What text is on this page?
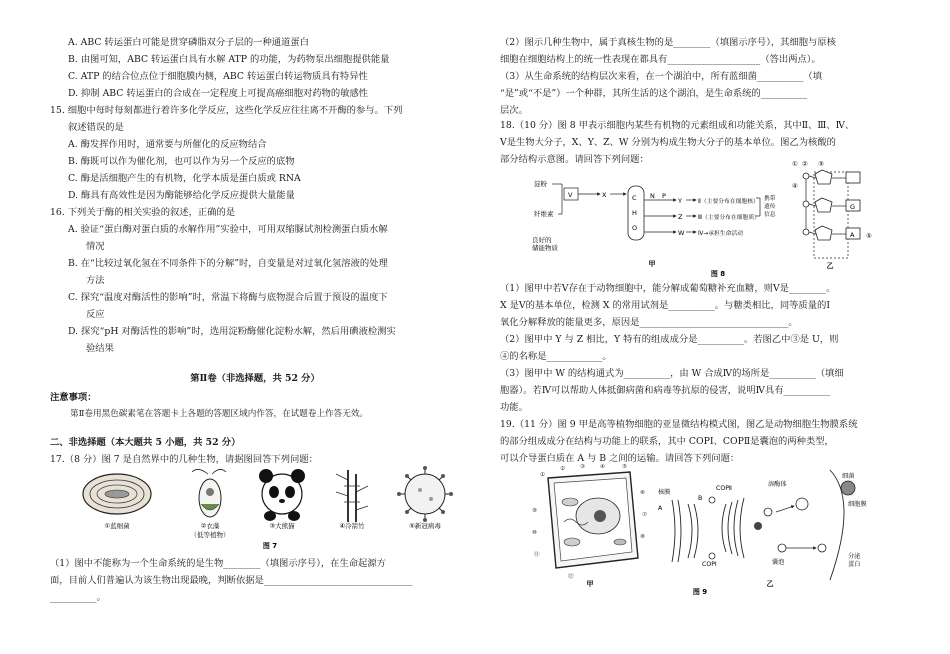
A. ABC 转运蛋白可能是贯穿磷脂双分子层的一种通道蛋白
B. 由图可知，ABC 转运蛋白具有水解 ATP 的功能，为药物泵出细胞提供能量
C. ATP 的结合位点位于细胞膜内侧，ABC 转运蛋白转运物质具有特异性
D. 抑制 ABC 转运蛋白的合成在一定程度上可提高癌细胞对药物的敏感性
15. 细胞中每时每刻都进行着许多化学反应，这些化学反应往往离不开酶的参与。下列
叙述错误的是
A. 酶发挥作用时，通常要与所催化的反应物结合
B. 酶既可以作为催化剂，也可以作为另一个反应的底物
C. 酶是活细胞产生的有机物，化学本质是蛋白质或 RNA
D. 酶具有高效性是因为酶能够给化学反应提供大量能量
16. 下列关于酶的相关实验的叙述，正确的是
A. 验证“蛋白酶对蛋白质的水解作用”实验中，可用双缩脲试剂检测蛋白质水解
情况
B. 在“比较过氧化氢在不同条件下的分解”时，自变量是对过氧化氢溶液的处理
方法
C. 探究“温度对酶活性的影响”时，常温下将酶与底物混合后置于预设的温度下
反应
D. 探究“pH 对酶活性的影响”时，选用淀粉酶催化淀粉水解，然后用碘液检测实
验结果
第Ⅱ卷（非选择题，共 52 分）
注意事项：
第Ⅱ卷用黑色碳素笔在答题卡上各题的答题区域内作答，在试题卷上作答无效。
二、非选择题（本大题共 5 小题，共 52 分）
17.（8 分）图 7 是自然界中的几种生物，请据图回答下列问题：
①蓝细菌	②衣藻
（低等植物）
③大熊猫	④冷箭竹	⑤新冠病毒
图 7
（1）图中不能称为一个生命系统的是生物________（填图示序号），在生命起源方
面，目前人们普遍认为该生物出现最晚，判断依据是________________________________
__________。
（2）图示几种生物中，属于真核生物的是________（填图示序号），其细胞与原核
细胞在细胞结构上的统一性表现在都具有____________________（答出两点）。
（3）从生命系统的结构层次来看，在一个湖泊中，所有蓝细菌__________（填
“是”或“不是”）一个种群，其所生活的这个湖泊，是生命系统的__________
层次。
18.（10 分）图 8 甲表示细胞内某些有机物的元素组成和功能关系，其中Ⅱ、Ⅲ、Ⅳ、
Ⅴ是生物大分子，X、Y、Z、W 分别为构成生物大分子的基本单位。图乙为核酸的
部分结构示意图。请回答下列问题：
淀粉
纤维素
Ⅴ	X
良好的
储能物质
C
H
O
N P
Y
Z
W
Ⅱ（主要分布在细胞核）
Ⅲ（主要分布在细胞质）
Ⅳ→承担生命活动
携带
遗传
信息
甲
图 8
G
A
① ② ③
④
⑤
乙
（1）图甲中若Ⅴ存在于动物细胞中，能分解成葡萄糖补充血糖，则Ⅴ是________。
X 是Ⅴ的基本单位，检测 X 的常用试剂是__________。与糖类相比，同等质量的Ⅰ
氧化分解释放的能量更多，原因是________________________________。
（2）图甲中 Y 与 Z 相比，Y 特有的组成成分是__________。若图乙中③是 U，则
④的名称是____________。
（3）图甲中 W 的结构通式为__________，由 W 合成Ⅳ的场所是__________（填细
胞器）。若Ⅳ可以帮助人体抵御病菌和病毒等抗原的侵害，说明Ⅳ具有__________
功能。
19.（11 分）图 9 甲是高等植物细胞的亚显微结构模式图，图乙是动物细胞生物膜系统
的部分组成成分在结构与功能上的联系，其中 COPⅠ、COPⅡ是囊泡的两种类型，
可以介导蛋白质在 A 与 B 之间的运输。请回答下列问题：
①
②	③	④	⑤
⑥
⑦
⑧
⑨
⑩
⑪
⑫
甲
核膜
A
B
COPⅡ
COPⅠ
溶酶体
细菌
细胞膜
囊泡
分泌
蛋白
乙
图 9
